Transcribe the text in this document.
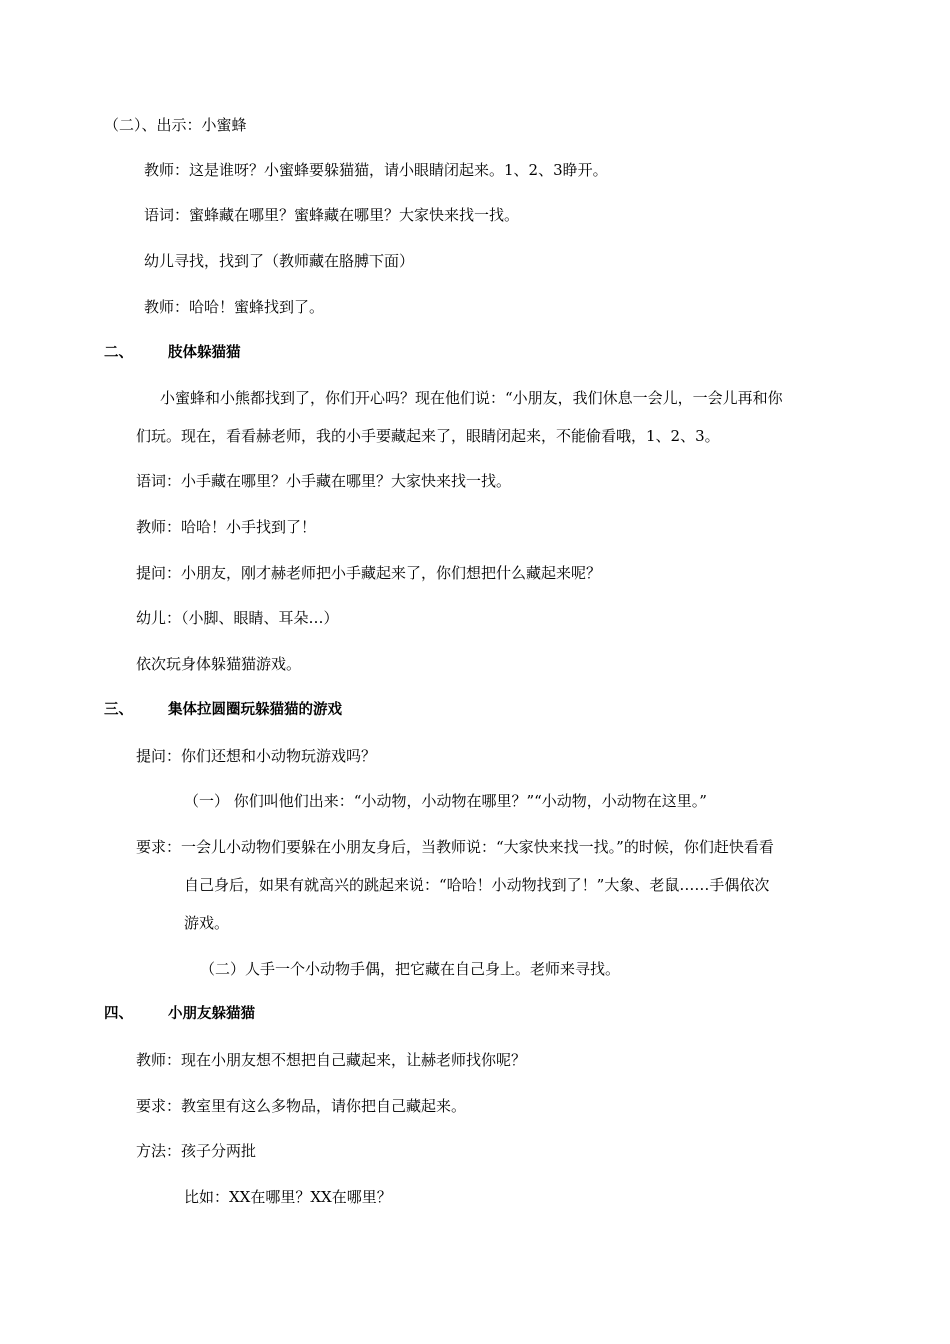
（二）、出示：小蜜蜂
教师：这是谁呀？小蜜蜂要躲猫猫，请小眼睛闭起来。1、2、3睁开。
语词：蜜蜂藏在哪里？蜜蜂藏在哪里？大家快来找一找。
幼儿寻找，找到了（教师藏在胳膊下面）
教师：哈哈！蜜蜂找到了。
二、 肢体躲猫猫
小蜜蜂和小熊都找到了，你们开心吗？现在他们说：“小朋友，我们休息一会儿，一会儿再和你
们玩。现在，看看赫老师，我的小手要藏起来了，眼睛闭起来，不能偷看哦，1、2、3。
语词：小手藏在哪里？小手藏在哪里？大家快来找一找。
教师：哈哈！小手找到了！
提问：小朋友，刚才赫老师把小手藏起来了，你们想把什么藏起来呢？
幼儿：（小脚、眼睛、耳朵…）
依次玩身体躲猫猫游戏。
三、 集体拉圆圈玩躲猫猫的游戏
提问：你们还想和小动物玩游戏吗？
（一） 你们叫他们出来：“小动物，小动物在哪里？”“小动物，小动物在这里。”
要求：一会儿小动物们要躲在小朋友身后，当教师说：“大家快来找一找。”的时候，你们赶快看看
自己身后，如果有就高兴的跳起来说：“哈哈！小动物找到了！”大象、老鼠……手偶依次
游戏。
（二）人手一个小动物手偶，把它藏在自己身上。老师来寻找。
四、 小朋友躲猫猫
教师：现在小朋友想不想把自己藏起来，让赫老师找你呢？
要求：教室里有这么多物品，请你把自己藏起来。
方法：孩子分两批
比如：XX在哪里？XX在哪里？
